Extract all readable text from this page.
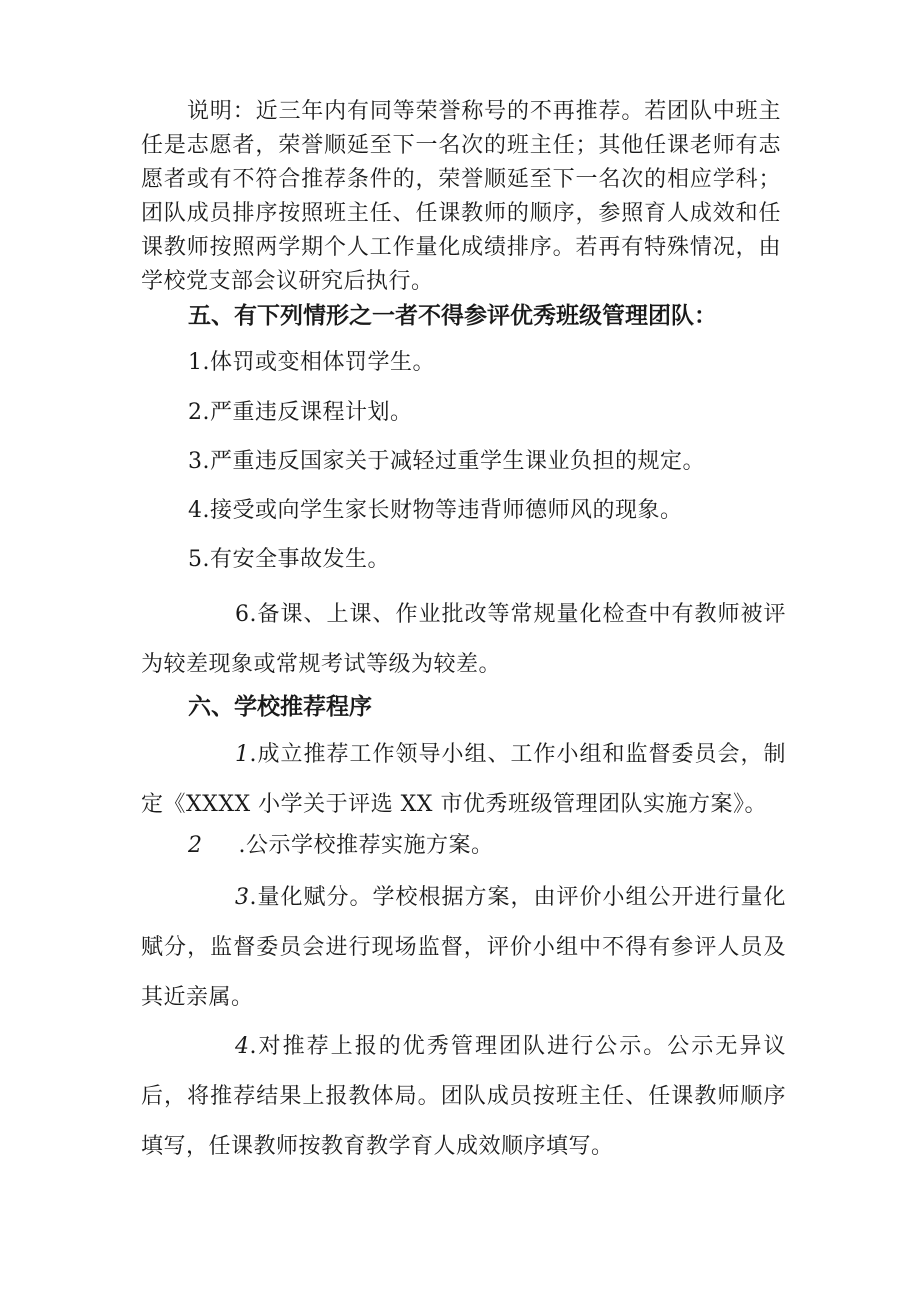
说明：近三年内有同等荣誉称号的不再推荐。若团队中班主任是志愿者，荣誉顺延至下一名次的班主任；其他任课老师有志愿者或有不符合推荐条件的，荣誉顺延至下一名次的相应学科；团队成员排序按照班主任、任课教师的顺序，参照育人成效和任课教师按照两学期个人工作量化成绩排序。若再有特殊情况，由学校党支部会议研究后执行。

五、有下列情形之一者不得参评优秀班级管理团队：

1.体罚或变相体罚学生。

2.严重违反课程计划。

3.严重违反国家关于减轻过重学生课业负担的规定。

4.接受或向学生家长财物等违背师德师风的现象。

5.有安全事故发生。

6.备课、上课、作业批改等常规量化检查中有教师被评为较差现象或常规考试等级为较差。

六、学校推荐程序

1.成立推荐工作领导小组、工作小组和监督委员会，制定《XXXX 小学关于评选 XX 市优秀班级管理团队实施方案》。

2 .公示学校推荐实施方案。

3.量化赋分。学校根据方案，由评价小组公开进行量化赋分，监督委员会进行现场监督，评价小组中不得有参评人员及其近亲属。

4.对推荐上报的优秀管理团队进行公示。公示无异议后，将推荐结果上报教体局。团队成员按班主任、任课教师顺序填写，任课教师按教育教学育人成效顺序填写。
